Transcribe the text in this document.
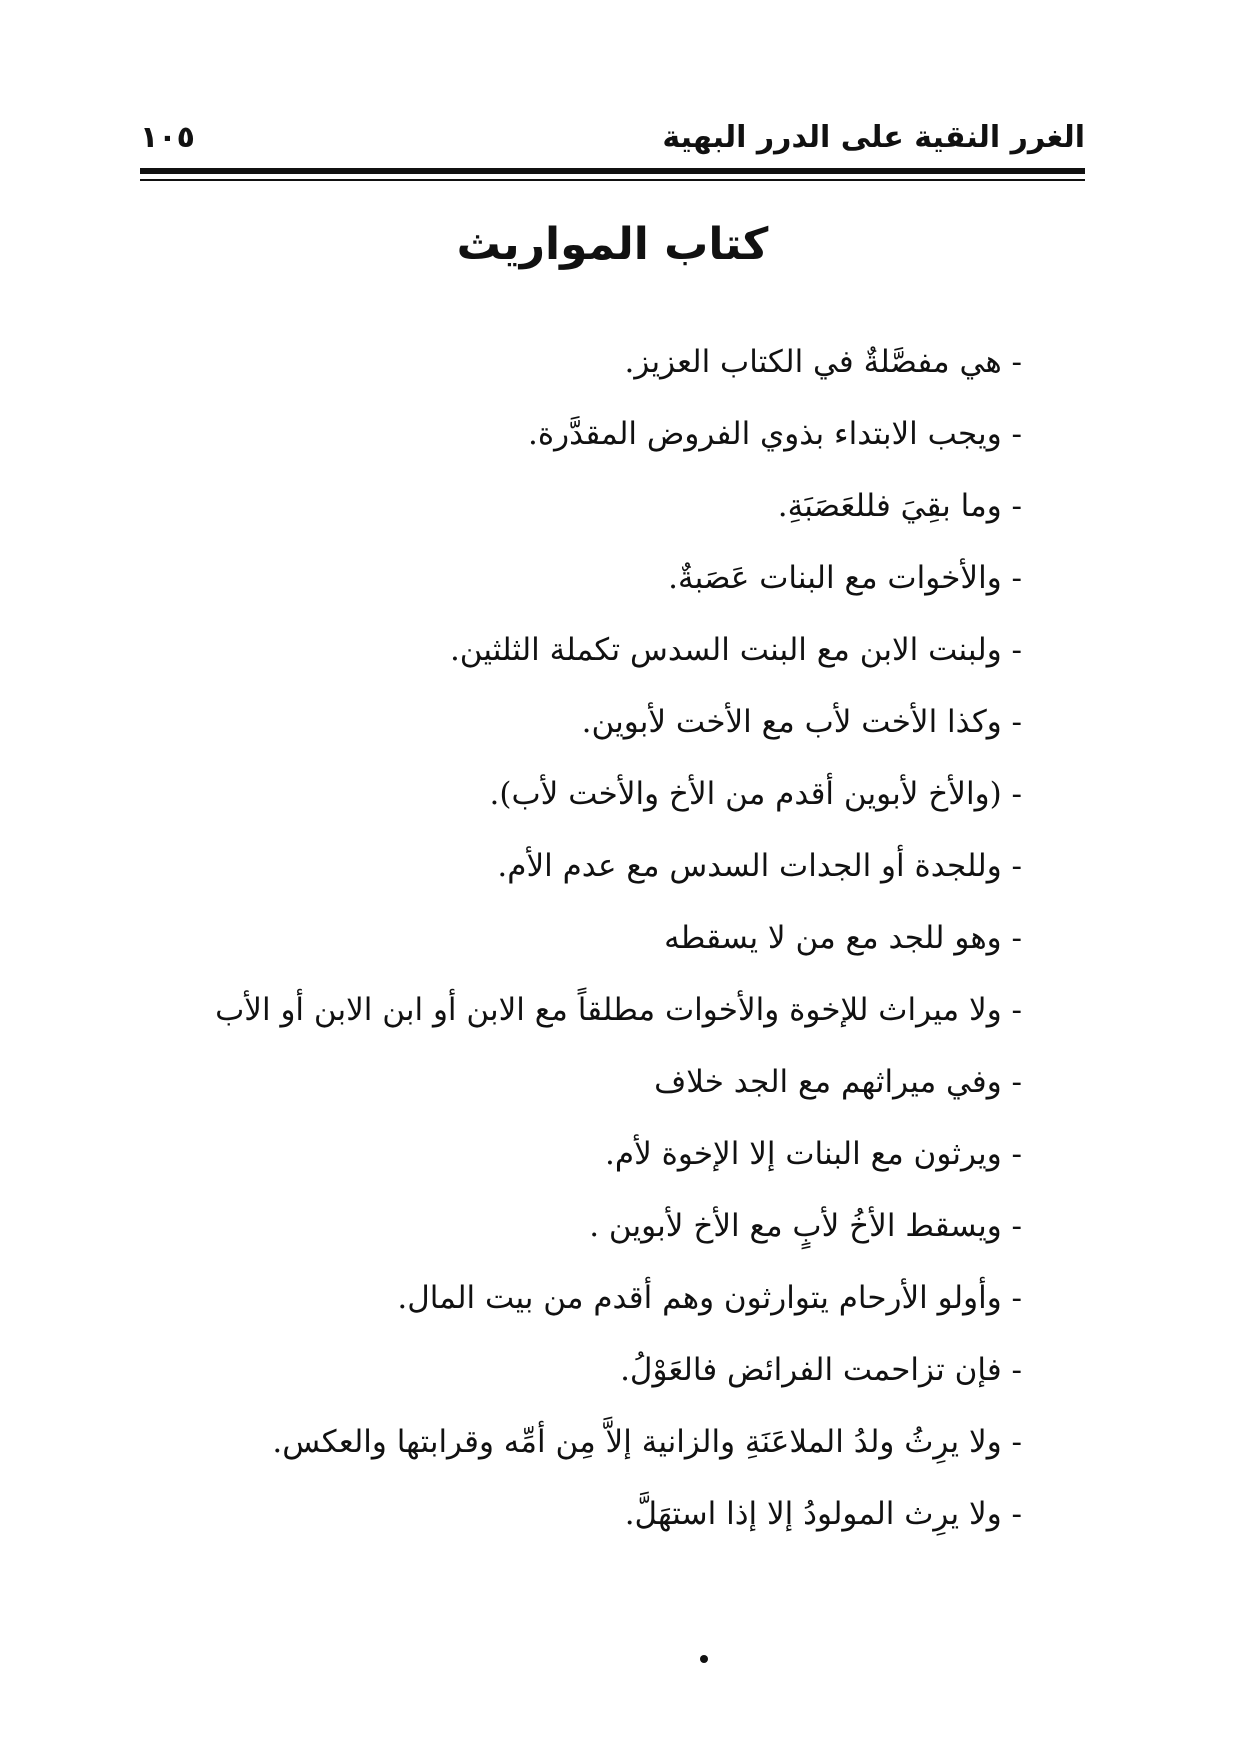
الغرر النقية على الدرر البهية
١٠٥
كتاب المواريث
- هي مفصَّلةٌ في الكتاب العزيز.
- ويجب الابتداء بذوي الفروض المقدَّرة.
- وما بقِيَ فللعَصَبَةِ.
- والأخوات مع البنات عَصَبةٌ.
- ولبنت الابن مع البنت السدس تكملة الثلثين.
- وكذا الأخت لأب مع الأخت لأبوين.
- (والأخ لأبوين أقدم من الأخ والأخت لأب).
- وللجدة أو الجدات السدس مع عدم الأم.
- وهو للجد مع من لا يسقطه
- ولا ميراث للإخوة والأخوات مطلقاً مع الابن أو ابن الابن أو الأب
- وفي ميراثهم مع الجد خلاف
- ويرثون مع البنات إلا الإخوة لأم.
- ويسقط الأخُ لأبٍ مع الأخ لأبوين .
- وأولو الأرحام يتوارثون وهم أقدم من بيت المال.
- فإن تزاحمت الفرائض فالعَوْلُ.
- ولا يرِثُ ولدُ الملاعَنَةِ والزانية إلاَّ مِن أمِّه وقرابتها والعكس.
- ولا يرِث المولودُ إلا إذا استهَلَّ.
